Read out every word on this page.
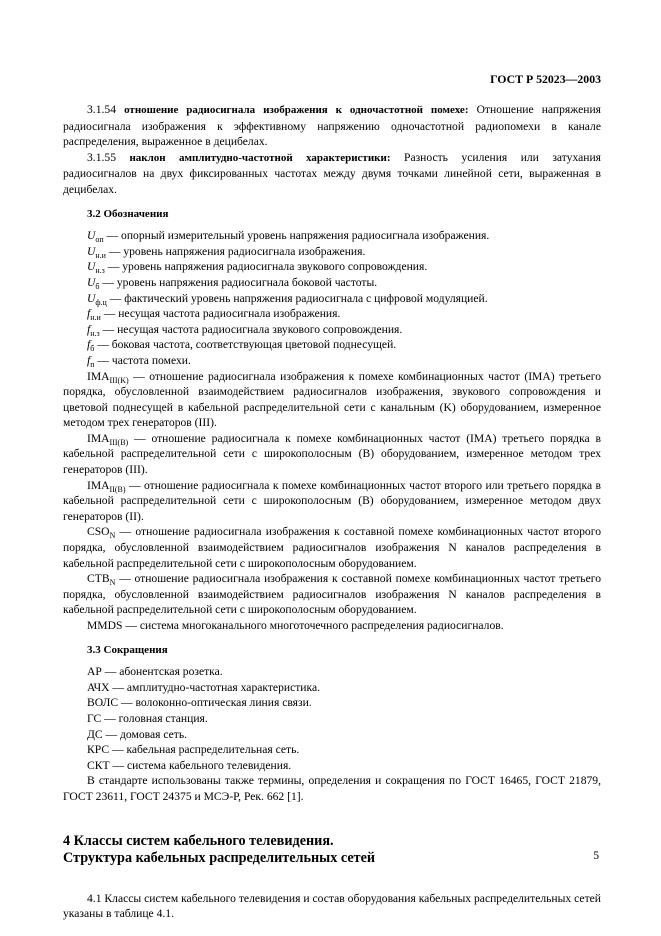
ГОСТ Р 52023—2003

3.1.54 отношение радиосигнала изображения к одночастотной помехе: Отношение напряжения радиосигнала изображения к эффективному напряжению одночастотной радиопомехи в канале распределения, выраженное в децибелах.

3.1.55 наклон амплитудно-частотной характеристики: Разность усиления или затухания радиосигналов на двух фиксированных частотах между двумя точками линейной сети, выраженная в децибелах.

3.2 Обозначения

$U_{оп}$ — опорный измерительный уровень напряжения радиосигнала изображения.

$U_{н.и}$ — уровень напряжения радиосигнала изображения.

$U_{н.з}$ — уровень напряжения радиосигнала звукового сопровождения.

$U_б$ — уровень напряжения радиосигнала боковой частоты.

$U_{ф.ц}$ — фактический уровень напряжения радиосигнала с цифровой модуляцией.

$f_{н.и}$ — несущая частота радиосигнала изображения.

$f_{н.з}$ — несущая частота радиосигнала звукового сопровождения.

$f_б$ — боковая частота, соответствующая цветовой поднесущей.

$f_п$ — частота помехи.

$IMA_{III(K)}$ — отношение радиосигнала изображения к помехе комбинационных частот (IMA) третьего порядка, обусловленной взаимодействием радиосигналов изображения, звукового сопровождения и цветовой поднесущей в кабельной распределительной сети с канальным (K) оборудованием, измеренное методом трех генераторов (III).

$IMA_{III(B)}$ — отношение радиосигнала к помехе комбинационных частот (IMA) третьего порядка в кабельной распределительной сети с широкополосным (B) оборудованием, измеренное методом трех генераторов (III).

$IMA_{II(B)}$ — отношение радиосигнала к помехе комбинационных частот второго или третьего порядка в кабельной распределительной сети с широкополосным (B) оборудованием, измеренное методом двух генераторов (II).

$CSO_N$ — отношение радиосигнала изображения к составной помехе комбинационных частот второго порядка, обусловленной взаимодействием радиосигналов изображения N каналов распределения в кабельной распределительной сети с широкополосным оборудованием.

$CTB_N$ — отношение радиосигнала изображения к составной помехе комбинационных частот третьего порядка, обусловленной взаимодействием радиосигналов изображения N каналов распределения в кабельной распределительной сети с широкополосным оборудованием.

MMDS — система многоканального многоточечного распределения радиосигналов.

3.3 Сокращения

АР — абонентская розетка.

АЧХ — амплитудно-частотная характеристика.

ВОЛС — волоконно-оптическая линия связи.

ГС — головная станция.

ДС — домовая сеть.

КРС — кабельная распределительная сеть.

СКТ — система кабельного телевидения.

В стандарте использованы также термины, определения и сокращения по ГОСТ 16465, ГОСТ 21879, ГОСТ 23611, ГОСТ 24375 и МСЭ-Р, Рек. 662 [1].

4 Классы систем кабельного телевидения.
Структура кабельных распределительных сетей

4.1 Классы систем кабельного телевидения и состав оборудования кабельных распределительных сетей указаны в таблице 4.1.

5
